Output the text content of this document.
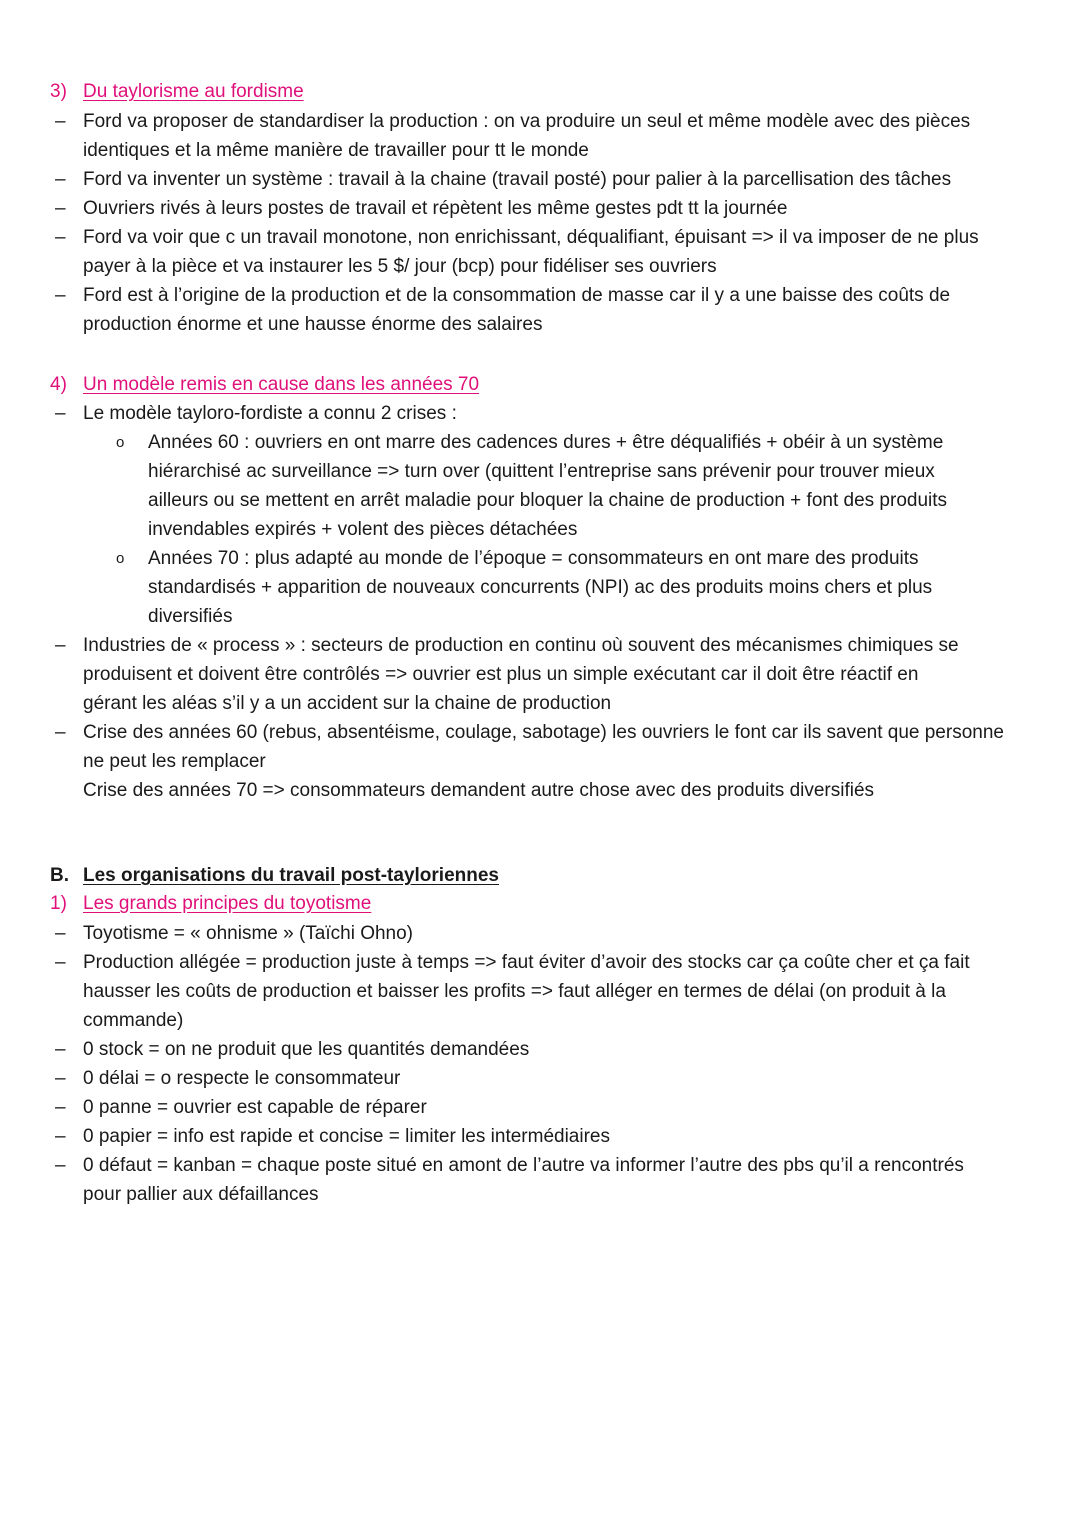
3) Du taylorisme au fordisme
– Ford va proposer de standardiser la production : on va produire un seul et même modèle avec des pièces
identiques et la même manière de travailler pour tt le monde
– Ford va inventer un système : travail à la chaine (travail posté) pour palier à la parcellisation des tâches
– Ouvriers rivés à leurs postes de travail et répètent les même gestes pdt tt la journée
– Ford va voir que c un travail monotone, non enrichissant, déqualifiant, épuisant => il va imposer de ne plus
payer à la pièce et va instaurer les 5 $/ jour (bcp) pour fidéliser ses ouvriers
– Ford est à l’origine de la production et de la consommation de masse car il y a une baisse des coûts de
production énorme et une hausse énorme des salaires
4) Un modèle remis en cause dans les années 70
– Le modèle tayloro-fordiste a connu 2 crises :
o Années 60 : ouvriers en ont marre des cadences dures + être déqualifiés + obéir à un système
hiérarchisé ac surveillance => turn over (quittent l’entreprise sans prévenir pour trouver mieux
ailleurs ou se mettent en arrêt maladie pour bloquer la chaine de production + font des produits
invendables expirés + volent des pièces détachées
o Années 70 : plus adapté au monde de l’époque = consommateurs en ont mare des produits
standardisés + apparition de nouveaux concurrents (NPI) ac des produits moins chers et plus
diversifiés
– Industries de « process » : secteurs de production en continu où souvent des mécanismes chimiques se
produisent et doivent être contrôlés => ouvrier est plus un simple exécutant car il doit être réactif en
gérant les aléas s’il y a un accident sur la chaine de production
– Crise des années 60 (rebus, absentéisme, coulage, sabotage) les ouvriers le font car ils savent que personne
ne peut les remplacer
Crise des années 70 => consommateurs demandent autre chose avec des produits diversifiés
B. Les organisations du travail post-tayloriennes
1) Les grands principes du toyotisme
– Toyotisme = « ohnisme » (Taïchi Ohno)
– Production allégée = production juste à temps => faut éviter d’avoir des stocks car ça coûte cher et ça fait
hausser les coûts de production et baisser les profits => faut alléger en termes de délai (on produit à la
commande)
– 0 stock = on ne produit que les quantités demandées
– 0 délai = o respecte le consommateur
– 0 panne = ouvrier est capable de réparer
– 0 papier = info est rapide et concise = limiter les intermédiaires
– 0 défaut = kanban = chaque poste situé en amont de l’autre va informer l’autre des pbs qu’il a rencontrés
pour pallier aux défaillances
